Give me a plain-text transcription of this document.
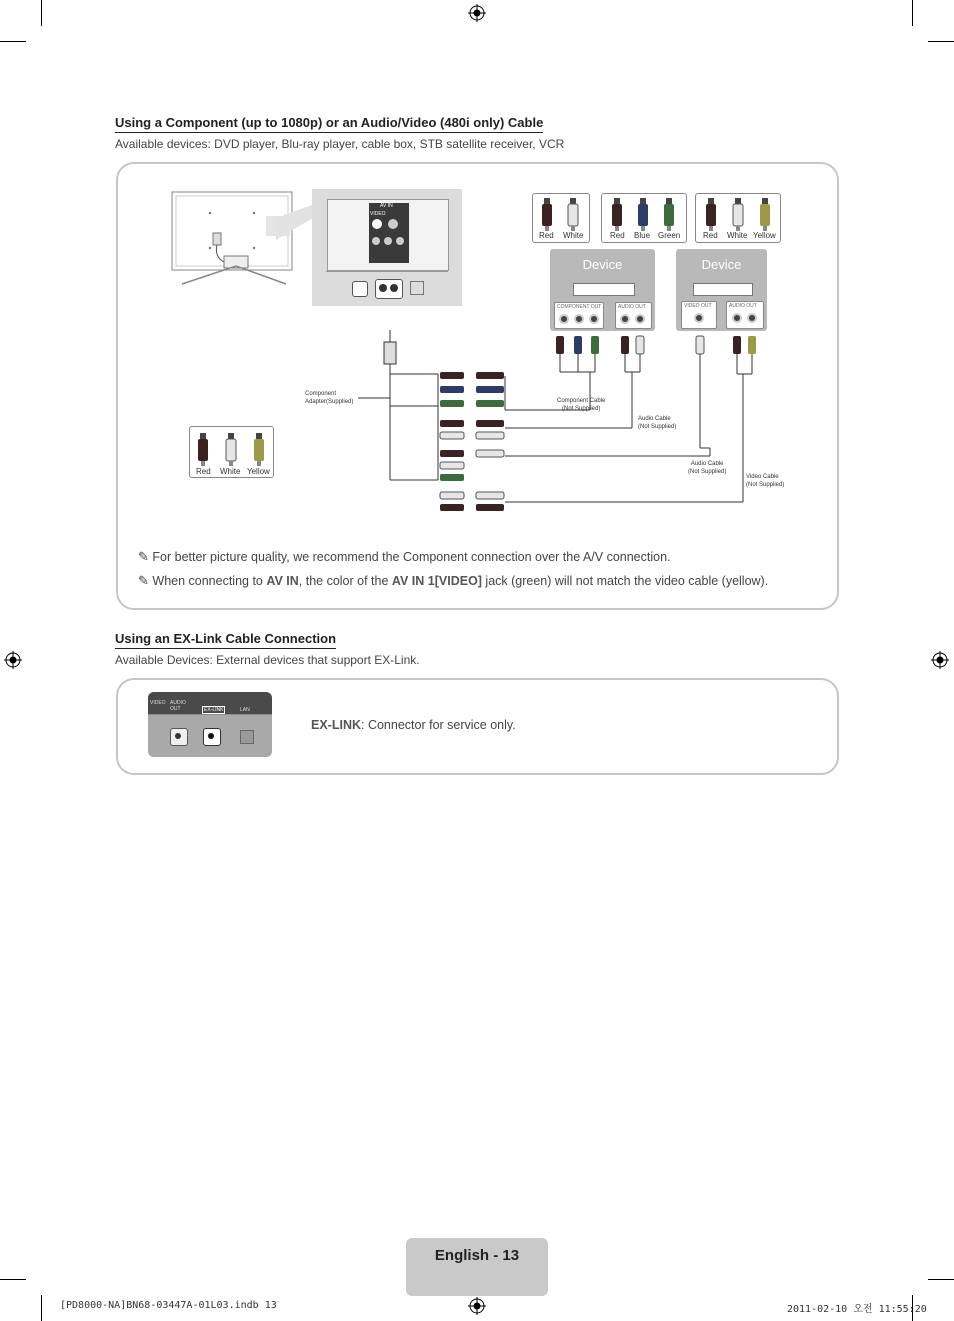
Using a Component (up to 1080p) or an Audio/Video (480i only) Cable
Available devices: DVD player, Blu-ray player, cable box, STB satellite receiver, VCR
AV IN
VIDEO
Red White	Red Blue Green	Red White Yellow
Device
COMPONENT OUT	AUDIO OUT
Device
VIDEO OUT	AUDIO OUT
Component
Adapter(Supplied)	Component Cable
(Not Supplied)
Audio Cable
(Not Supplied)
Audio Cable
(Not Supplied)
Video Cable
(Not Supplied)
Red White Yellow
✎ For better picture quality, we recommend the Component connection over the A/V connection.
✎ When connecting to AV IN, the color of the AV IN 1[VIDEO] jack (green) will not match the video cable (yellow).
Using an EX-Link Cable Connection
Available Devices: External devices that support EX-Link.
VIDEO AUDIO OUT	EX-LINK	LAN
EX-LINK: Connector for service only.
English - 13
[PD8000-NA]BN68-03447A-01L03.indb 13	2011-02-10 오전 11:55:20
